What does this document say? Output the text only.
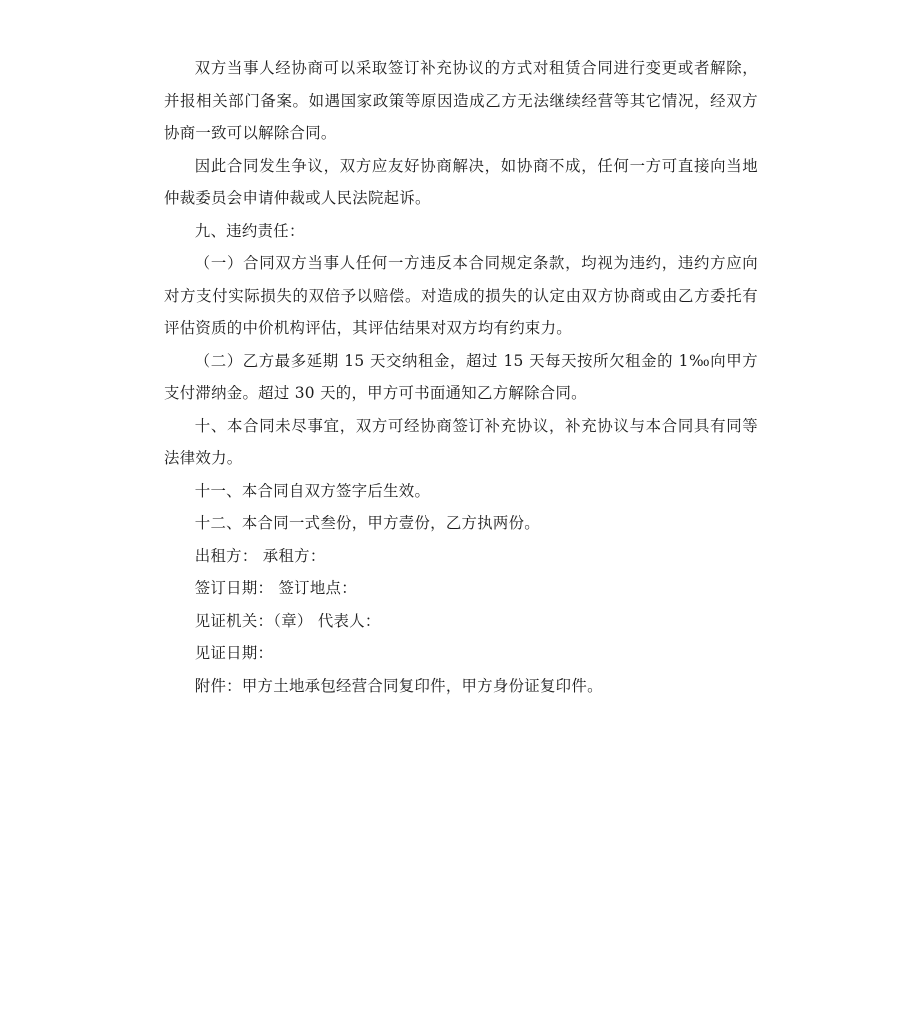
双方当事人经协商可以采取签订补充协议的方式对租赁合同进行变更或者解除，并报相关部门备案。如遇国家政策等原因造成乙方无法继续经营等其它情况，经双方协商一致可以解除合同。

因此合同发生争议，双方应友好协商解决，如协商不成，任何一方可直接向当地仲裁委员会申请仲裁或人民法院起诉。

九、违约责任：

（一）合同双方当事人任何一方违反本合同规定条款，均视为违约，违约方应向对方支付实际损失的双倍予以赔偿。对造成的损失的认定由双方协商或由乙方委托有评估资质的中价机构评估，其评估结果对双方均有约束力。

（二）乙方最多延期 15 天交纳租金，超过 15 天每天按所欠租金的 1‰向甲方支付滞纳金。超过 30 天的，甲方可书面通知乙方解除合同。

十、本合同未尽事宜，双方可经协商签订补充协议，补充协议与本合同具有同等法律效力。

十一、本合同自双方签字后生效。

十二、本合同一式叁份，甲方壹份，乙方执两份。

出租方： 承租方：

签订日期： 签订地点：

见证机关：（章） 代表人：

见证日期：

附件：甲方土地承包经营合同复印件，甲方身份证复印件。
